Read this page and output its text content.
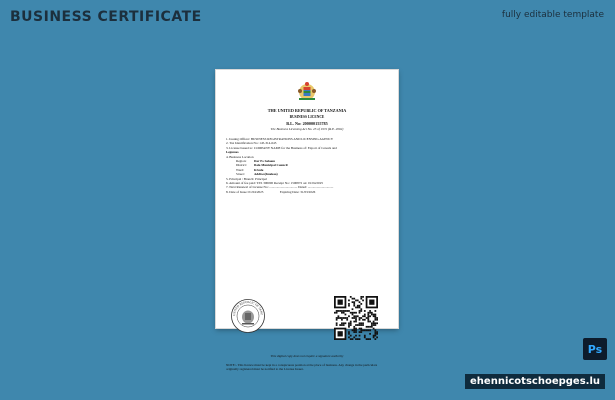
BUSINESS CERTIFICATE	fully editable template
THE UNITED REPUBLIC OF TANZANIA
BUSINESS LICENCE
B.L. No: 200000155785
The Business Licensing Act No. 25 of 1972 (R.E. 2002)
1. Issuing Officer: BUSINESS REGISTRATIONS AND LICENSING AGENCY
2. Tax Identification No: 145-314-645
3. License Issued to: COMPANY NAME for the Business of: Export of Cereals and
Legumes
4. Business Location
Region: Dar Es Salaam
District: Ilala Municipal Council
Ward:	Kivule
Street:	Addiwe(Imekaa)
5. Principal / Branch: Principal
6. Amount of fee paid: TZS 300000 Receipt No: 1500872 on: 01/04/2025
7. Next Renewal of License No: .................................. Dated: ...............................
8. Date of Issue: 01/04/2025                    Expiring Date: 31/03/2026
UNITED REPUBLIC OF TANZ
This digital copy does not require a signature authority
NOTE:- This licence must be kept in a conspicuous position at the place of business. Any change in the particulars originally registered must be notified to the License Issuer.
Ps
ehennicotschoepges.lu
